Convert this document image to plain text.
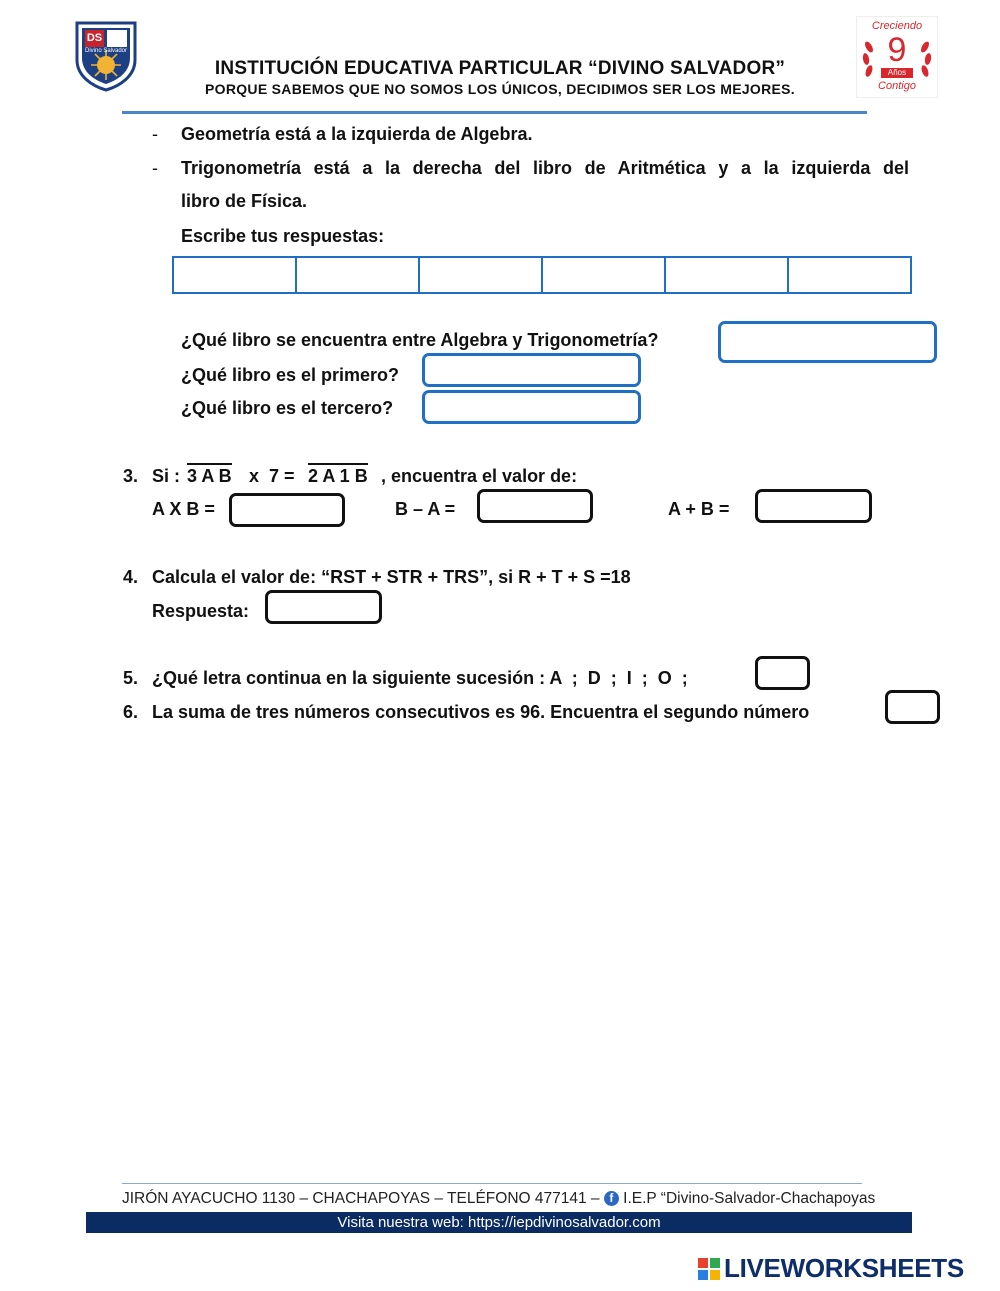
DS
Divino Salvador
INSTITUCIÓN EDUCATIVA PARTICULAR “DIVINO SALVADOR”
PORQUE SABEMOS QUE NO SOMOS LOS ÚNICOS, DECIDIMOS SER LOS MEJORES.
Creciendo
9
Años
Contigo
- Geometría está a la izquierda de Algebra.
- Trigonometría está a la derecha del libro de Aritmética y a la izquierda del
libro de Física.
Escribe tus respuestas:

¿Qué libro se encuentra entre Algebra y Trigonometría?
¿Qué libro es el primero?
¿Qué libro es el tercero?
3. Si : 3 A B x  7 = 2 A 1 B , encuentra el valor de:
A X B =	B – A =	A + B =
4. Calcula el valor de: “RST + STR + TRS”, si R + T + S =18
Respuesta:
5. ¿Qué letra continua en la siguiente sucesión : A  ;  D  ;  I  ;  O  ;
6. La suma de tres números consecutivos es 96. Encuentra el segundo número
JIRÓN AYACUCHO 1130 – CHACHAPOYAS – TELÉFONO 477141 – f I.E.P “Divino-Salvador-Chachapoyas
Visita nuestra web: https://iepdivinosalvador.com
LIVEWORKSHEETS
